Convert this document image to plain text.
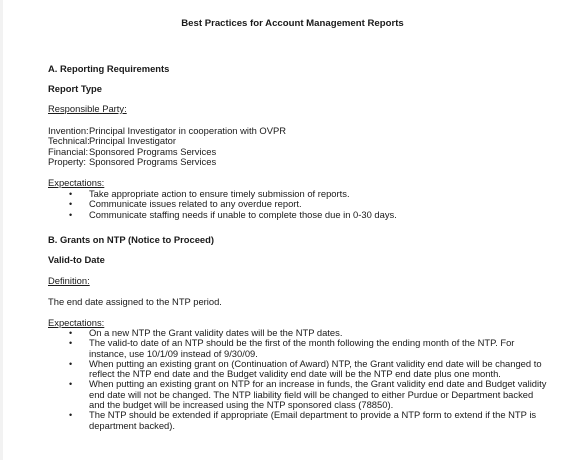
Best Practices for Account Management Reports
A. Reporting Requirements
Report Type
Responsible Party:
Invention:Principal Investigator in cooperation with OVPR
Technical:Principal Investigator
Financial:Sponsored Programs Services
Property: Sponsored Programs Services
Expectations:
• Take appropriate action to ensure timely submission of reports.
• Communicate issues related to any overdue report.
• Communicate staffing needs if unable to complete those due in 0-30 days.
B. Grants on NTP (Notice to Proceed)
Valid-to Date
Definition:
The end date assigned to the NTP period.
Expectations:
• On a new NTP the Grant validity dates will be the NTP dates.
• The valid-to date of an NTP should be the first of the month following the ending month of the NTP. For instance, use 10/1/09 instead of 9/30/09.
• When putting an existing grant on (Continuation of Award) NTP, the Grant validity end date will be changed to reflect the NTP end date and the Budget validity end date will be the NTP end date plus one month.
• When putting an existing grant on NTP for an increase in funds, the Grant validity end date and Budget validity end date will not be changed. The NTP liability field will be changed to either Purdue or Department backed and the budget will be increased using the NTP sponsored class (78850).
• The NTP should be extended if appropriate (Email department to provide a NTP form to extend if the NTP is department backed).
